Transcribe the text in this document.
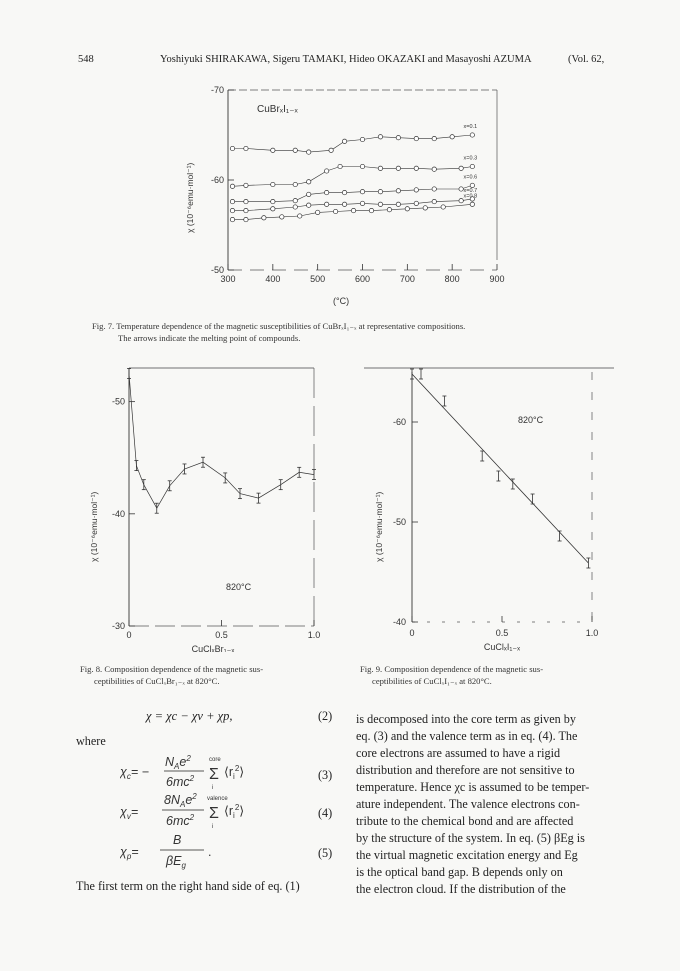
548	Yoshiyuki SHIRAKAWA, Sigeru TAMAKI, Hideo OKAZAKI and Masayoshi AZUMA	(Vol. 62,
-70
-60
-50
300	400	500	600	700	800	900
x=0.1
x=0.3
x=0.6
x=0.7
x=0.8
CuBrₓI₁₋ₓ
χ (10⁻⁶emu·mol⁻¹)
(°C)
Fig. 7. Temperature dependence of the magnetic susceptibilities of CuBrₓI₁₋ₓ at representative compositions.
The arrows indicate the melting point of compounds.
-50
-40
-30
0	0.5	1.0
820°C
χ (10⁻⁶emu·mol⁻¹)
CuClₓBr₁₋ₓ
Fig. 8. Composition dependence of the magnetic sus-
ceptibilities of CuClₓBr₁₋ₓ at 820°C.
-60
-50
-40
0	0.5	1.0
820°C
χ (10⁻⁶emu·mol⁻¹)
CuClₓI₁₋ₓ
Fig. 9. Composition dependence of the magnetic sus-
ceptibilities of CuClₓI₁₋ₓ at 820°C.
χ = χc − χv + χp,	(2)
where
$\chi_c=$ −
$N_Ae^2$
$6mc^2$ Σ
core
i
$⟨r_i^2⟩$
$\chi_v=$
$8N_Ae^2$
$6mc^2$ Σ
valence
i
$⟨r_i^2⟩$
$\chi_p=$
B
$\beta E_g$
.
(3)
(4)
(5)
The first term on the right hand side of eq. (1)
is decomposed into the core term as given by
eq. (3) and the valence term as in eq. (4). The
core electrons are assumed to have a rigid
distribution and therefore are not sensitive to
temperature. Hence χc is assumed to be temper-
ature independent. The valence electrons con-
tribute to the chemical bond and are affected
by the structure of the system. In eq. (5) βEg is
the virtual magnetic excitation energy and Eg
is the optical band gap. B depends only on
the electron cloud. If the distribution of the
